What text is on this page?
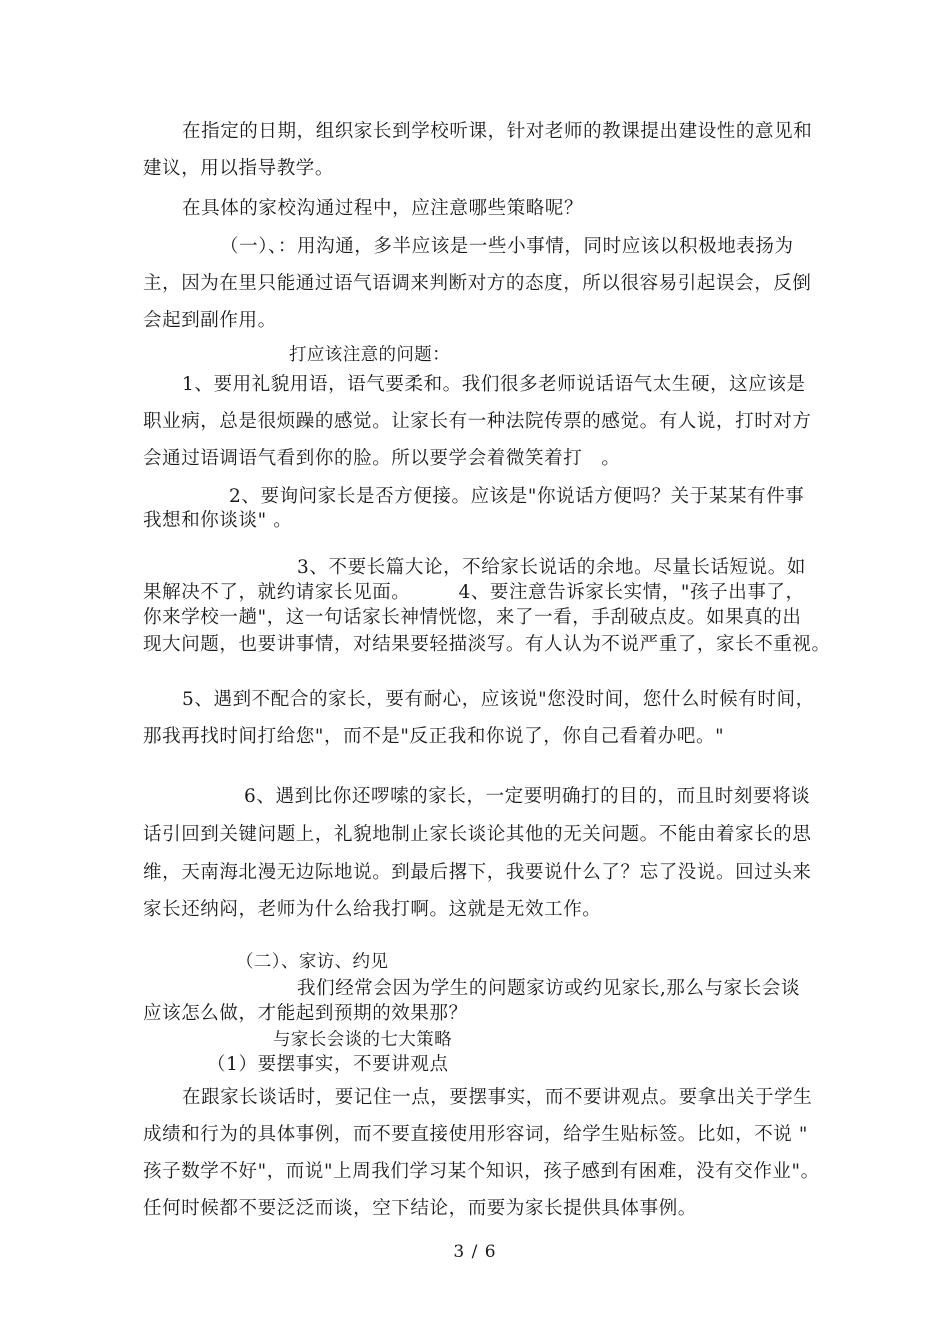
在指定的日期，组织家长到学校听课，针对老师的教课提出建设性的意见和
建议，用以指导教学。
在具体的家校沟通过程中，应注意哪些策略呢？
（一）、：用沟通，多半应该是一些小事情，同时应该以积极地表扬为
主，因为在里只能通过语气语调来判断对方的态度，所以很容易引起误会，反倒
会起到副作用。
打应该注意的问题：
1、要用礼貌用语，语气要柔和。我们很多老师说话语气太生硬，这应该是
职业病，总是很烦躁的感觉。让家长有一种法院传票的感觉。有人说，打时对方
会通过语调语气看到你的脸。所以要学会着微笑着打　。
2、要询问家长是否方便接。应该是"你说话方便吗？关于某某有件事
我想和你谈谈" 。
3、不要长篇大论，不给家长说话的余地。尽量长话短说。如
果解决不了，就约请家长见面。　　　4、要注意告诉家长实情，"孩子出事了，
你来学校一趟"，这一句话家长神情恍惚，来了一看，手刮破点皮。如果真的出
现大问题，也要讲事情，对结果要轻描淡写。有人认为不说严重了，家长不重视。
5、遇到不配合的家长，要有耐心，应该说"您没时间，您什么时候有时间，
那我再找时间打给您"，而不是"反正我和你说了，你自己看着办吧。"
6、遇到比你还啰嗦的家长，一定要明确打的目的，而且时刻要将谈
话引回到关键问题上，礼貌地制止家长谈论其他的无关问题。不能由着家长的思
维，天南海北漫无边际地说。到最后撂下，我要说什么了？忘了没说。回过头来
家长还纳闷，老师为什么给我打啊。这就是无效工作。
（二）、家访、约见
我们经常会因为学生的问题家访或约见家长,那么与家长会谈
应该怎么做，才能起到预期的效果那？
与家长会谈的七大策略
（1）要摆事实，不要讲观点
在跟家长谈话时，要记住一点，要摆事实，而不要讲观点。要拿出关于学生
成绩和行为的具体事例，而不要直接使用形容词，给学生贴标签。比如，不说 "
孩子数学不好"，而说"上周我们学习某个知识，孩子感到有困难，没有交作业"。
任何时候都不要泛泛而谈，空下结论，而要为家长提供具体事例。
3 / 6
